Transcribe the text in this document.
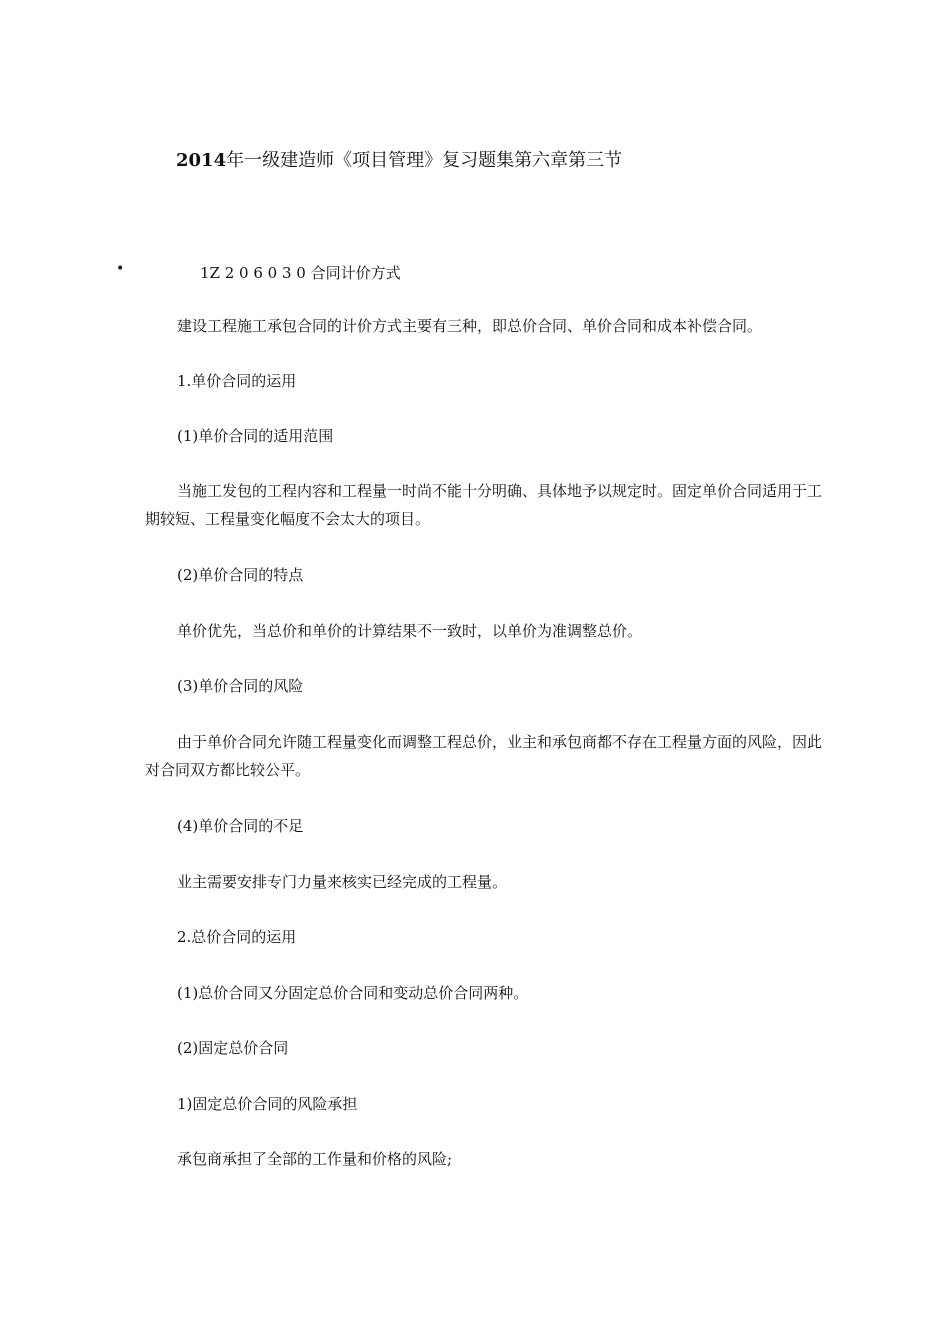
2014年一级建造师《项目管理》复习题集第六章第三节
•	1Z 2 0 6 0 3 0 合同计价方式
建设工程施工承包合同的计价方式主要有三种，即总价合同、单价合同和成本补偿合同。
1.单价合同的运用
(1)单价合同的适用范围
当施工发包的工程内容和工程量一时尚不能十分明确、具体地予以规定时。固定单价合同适用于工期较短、工程量变化幅度不会太大的项目。
(2)单价合同的特点
单价优先，当总价和单价的计算结果不一致时，以单价为准调整总价。
(3)单价合同的风险
由于单价合同允许随工程量变化而调整工程总价，业主和承包商都不存在工程量方面的风险，因此对合同双方都比较公平。
(4)单价合同的不足
业主需要安排专门力量来核实已经完成的工程量。
2.总价合同的运用
(1)总价合同又分固定总价合同和变动总价合同两种。
(2)固定总价合同
1)固定总价合同的风险承担
承包商承担了全部的工作量和价格的风险;
